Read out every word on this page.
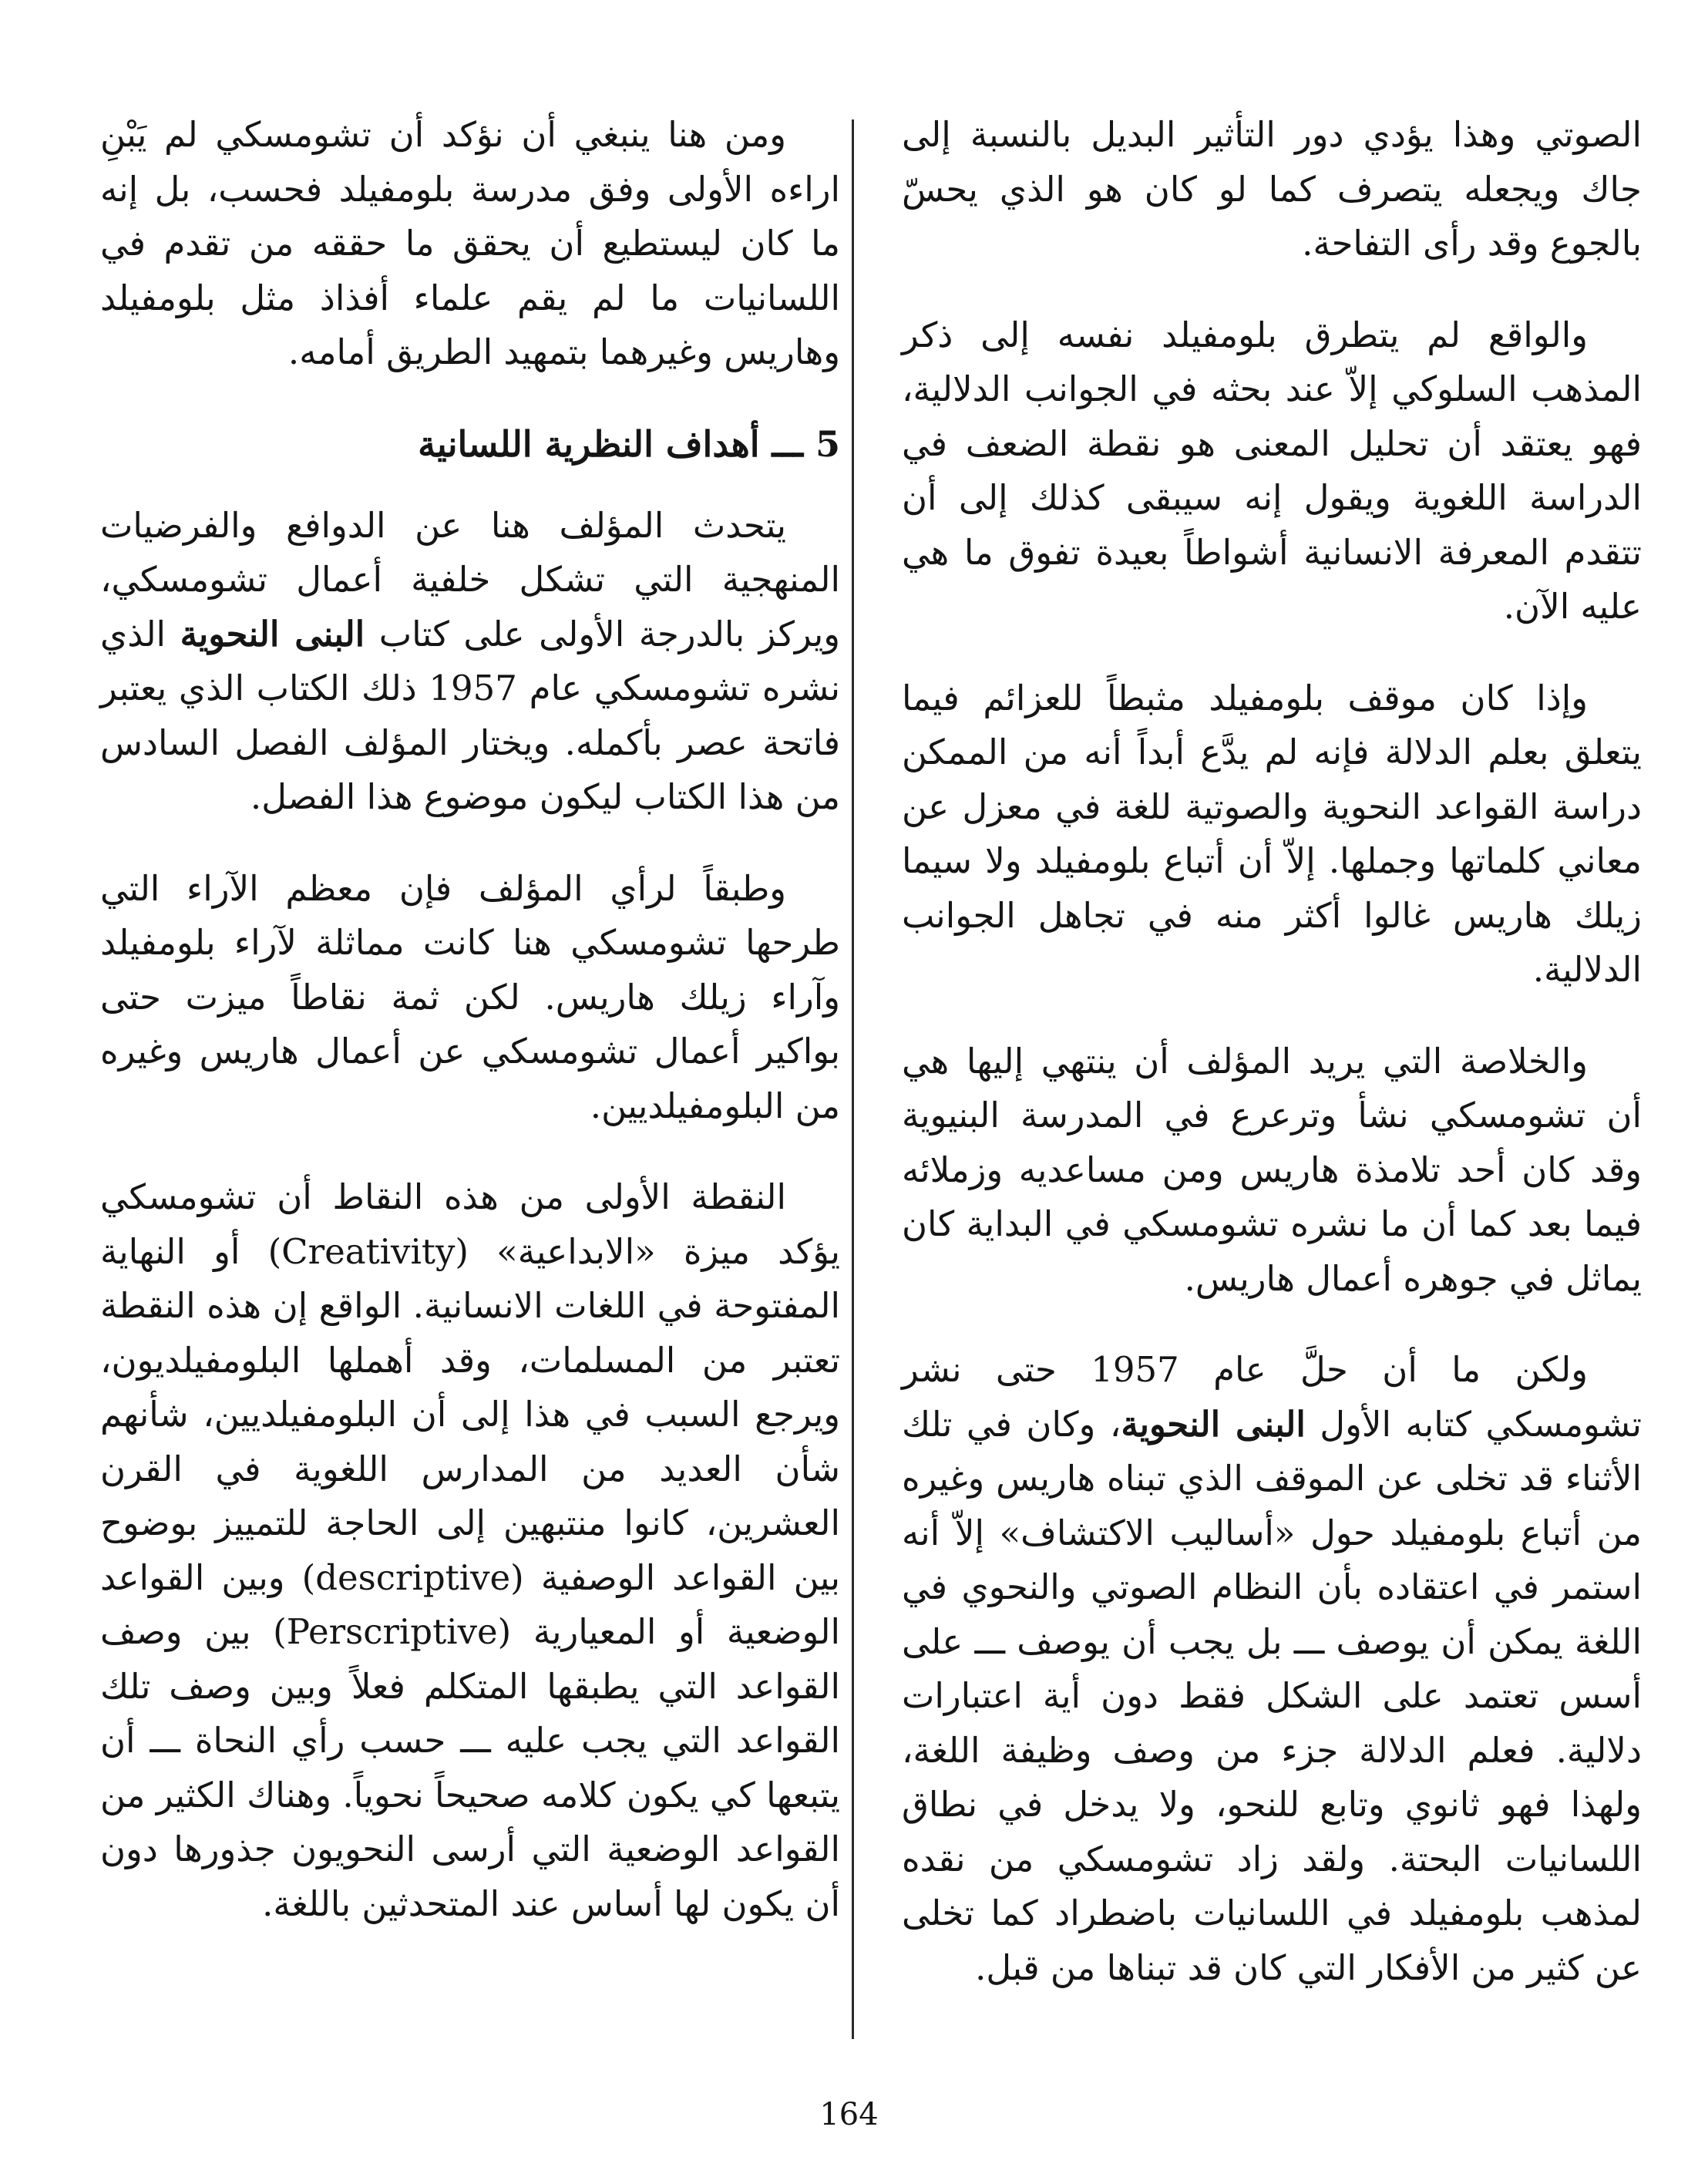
الصوتي وهذا يؤدي دور التأثير البديل بالنسبة إلى جاك ويجعله يتصرف كما لو كان هو الذي يحسّ بالجوع وقد رأى التفاحة.

والواقع لم يتطرق بلومفيلد نفسه إلى ذكر المذهب السلوكي إلاّ عند بحثه في الجوانب الدلالية، فهو يعتقد أن تحليل المعنى هو نقطة الضعف في الدراسة اللغوية ويقول إنه سيبقى كذلك إلى أن تتقدم المعرفة الانسانية أشواطاً بعيدة تفوق ما هي عليه الآن.

وإذا كان موقف بلومفيلد مثبطاً للعزائم فيما يتعلق بعلم الدلالة فإنه لم يدَّع أبداً أنه من الممكن دراسة القواعد النحوية والصوتية للغة في معزل عن معاني كلماتها وجملها. إلاّ أن أتباع بلومفيلد ولا سيما زيلك هاريس غالوا أكثر منه في تجاهل الجوانب الدلالية.

والخلاصة التي يريد المؤلف أن ينتهي إليها هي أن تشومسكي نشأ وترعرع في المدرسة البنيوية وقد كان أحد تلامذة هاريس ومن مساعديه وزملائه فيما بعد كما أن ما نشره تشومسكي في البداية كان يماثل في جوهره أعمال هاريس.

ولكن ما أن حلَّ عام 1957 حتى نشر تشومسكي كتابه الأول البنى النحوية، وكان في تلك الأثناء قد تخلى عن الموقف الذي تبناه هاريس وغيره من أتباع بلومفيلد حول «أساليب الاكتشاف» إلاّ أنه استمر في اعتقاده بأن النظام الصوتي والنحوي في اللغة يمكن أن يوصف ـــ بل يجب أن يوصف ـــ على أسس تعتمد على الشكل فقط دون أية اعتبارات دلالية. فعلم الدلالة جزء من وصف وظيفة اللغة، ولهذا فهو ثانوي وتابع للنحو، ولا يدخل في نطاق اللسانيات البحتة. ولقد زاد تشومسكي من نقده لمذهب بلومفيلد في اللسانيات باضطراد كما تخلى عن كثير من الأفكار التي كان قد تبناها من قبل.

ومن هنا ينبغي أن نؤكد أن تشومسكي لم يَبْنِ اراءه الأولى وفق مدرسة بلومفيلد فحسب، بل إنه ما كان ليستطيع أن يحقق ما حققه من تقدم في اللسانيات ما لم يقم علماء أفذاذ مثل بلومفيلد وهاريس وغيرهما بتمهيد الطريق أمامه.

5 ـــ أهداف النظرية اللسانية

يتحدث المؤلف هنا عن الدوافع والفرضيات المنهجية التي تشكل خلفية أعمال تشومسكي، ويركز بالدرجة الأولى على كتاب البنى النحوية الذي نشره تشومسكي عام 1957 ذلك الكتاب الذي يعتبر فاتحة عصر بأكمله. ويختار المؤلف الفصل السادس من هذا الكتاب ليكون موضوع هذا الفصل.

وطبقاً لرأي المؤلف فإن معظم الآراء التي طرحها تشومسكي هنا كانت مماثلة لآراء بلومفيلد وآراء زيلك هاريس. لكن ثمة نقاطاً ميزت حتى بواكير أعمال تشومسكي عن أعمال هاريس وغيره من البلومفيلديين.

النقطة الأولى من هذه النقاط أن تشومسكي يؤكد ميزة «الابداعية» (Creativity) أو النهاية المفتوحة في اللغات الانسانية. الواقع إن هذه النقطة تعتبر من المسلمات، وقد أهملها البلومفيلديون، ويرجع السبب في هذا إلى أن البلومفيلديين، شأنهم شأن العديد من المدارس اللغوية في القرن العشرين، كانوا منتبهين إلى الحاجة للتمييز بوضوح بين القواعد الوصفية (descriptive) وبين القواعد الوضعية أو المعيارية (Perscriptive) بين وصف القواعد التي يطبقها المتكلم فعلاً وبين وصف تلك القواعد التي يجب عليه ـــ حسب رأي النحاة ـــ أن يتبعها كي يكون كلامه صحيحاً نحوياً. وهناك الكثير من القواعد الوضعية التي أرسى النحويون جذورها دون أن يكون لها أساس عند المتحدثين باللغة.

164
